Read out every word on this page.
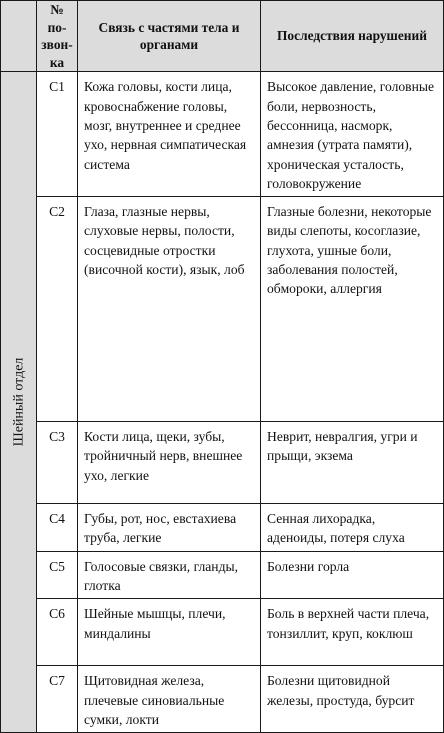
	№
по-
звон-
ка	Связь с частями тела и органами	Последствия нарушений

Шейный отдел	C1	Кожа головы, кости лица, кровоснабжение головы, мозг, внутреннее и среднее ухо, нервная симпатическая система	Высокое давление, головные боли, нервозность, бессонница, насморк, амнезия (утрата памяти), хроническая усталость, головокружение
	C2	Глаза, глазные нервы, слуховые нервы, полости, сосцевидные отростки (височной кости), язык, лоб	Глазные болезни, некоторые виды слепоты, косоглазие, глухота, ушные боли, заболевания полостей, обмороки, аллергия
	C3	Кости лица, щеки, зубы, тройничный нерв, внешнее ухо, легкие	Неврит, невралгия, угри и прыщи, экзема
	C4	Губы, рот, нос, евстахиева труба, легкие	Сенная лихорадка, аденоиды, потеря слуха
	C5	Голосовые связки, гланды, глотка	Болезни горла
	C6	Шейные мышцы, плечи, миндалины	Боль в верхней части плеча, тонзиллит, круп, коклюш
	C7	Щитовидная железа, плечевые синовиальные сумки, локти	Болезни щитовидной железы, простуда, бурсит
